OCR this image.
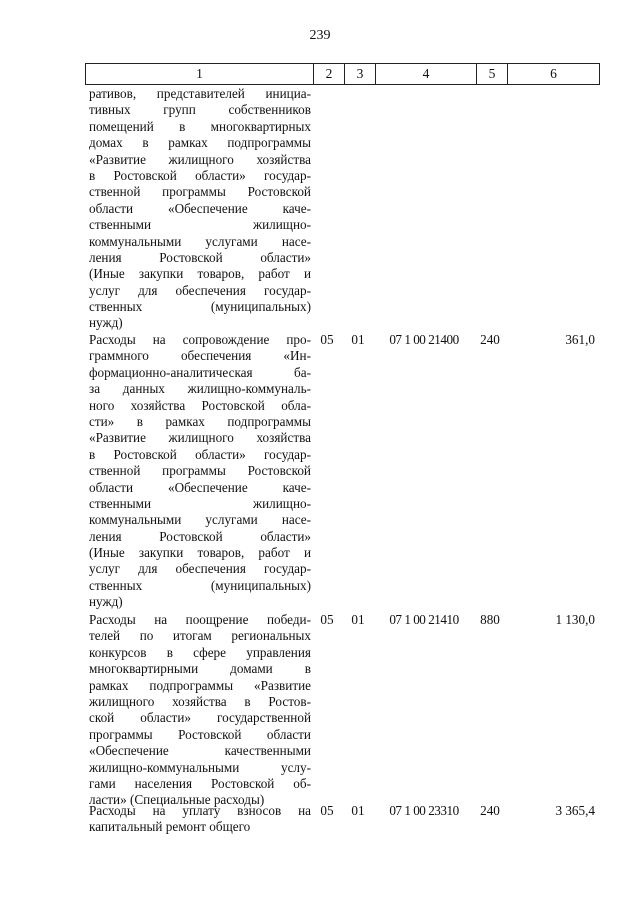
239
1	2	3	4	5	6
ративов, представителей инициа-
тивных групп собственников
помещений в многоквартирных
домах в рамках подпрограммы
«Развитие жилищного хозяйства
в Ростовской области» государ-
ственной программы Ростовской
области «Обеспечение каче-
ственными жилищно-
коммунальными услугами насе-
ления Ростовской области»
(Иные закупки товаров, работ и
услуг для обеспечения государ-
ственных (муниципальных)
нужд)
Расходы на сопровождение про-
граммного обеспечения «Ин-
формационно-аналитическая ба-
за данных жилищно-коммуналь-
ного хозяйства Ростовской обла-
сти» в рамках подпрограммы
«Развитие жилищного хозяйства
в Ростовской области» государ-
ственной программы Ростовской
области «Обеспечение каче-
ственными жилищно-
коммунальными услугами насе-
ления Ростовской области»
(Иные закупки товаров, работ и
услуг для обеспечения государ-
ственных (муниципальных)
нужд)
05	01	07 1 00 21400	240	361,0
Расходы на поощрение победи-
телей по итогам региональных
конкурсов в сфере управления
многоквартирными домами в
рамках подпрограммы «Развитие
жилищного хозяйства в Ростов-
ской области» государственной
программы Ростовской области
«Обеспечение качественными
жилищно-коммунальными услу-
гами населения Ростовской об-
ласти» (Специальные расходы)
05	01	07 1 00 21410	880	1 130,0
Расходы на уплату взносов на
капитальный ремонт общего
05	01	07 1 00 23310	240	3 365,4
